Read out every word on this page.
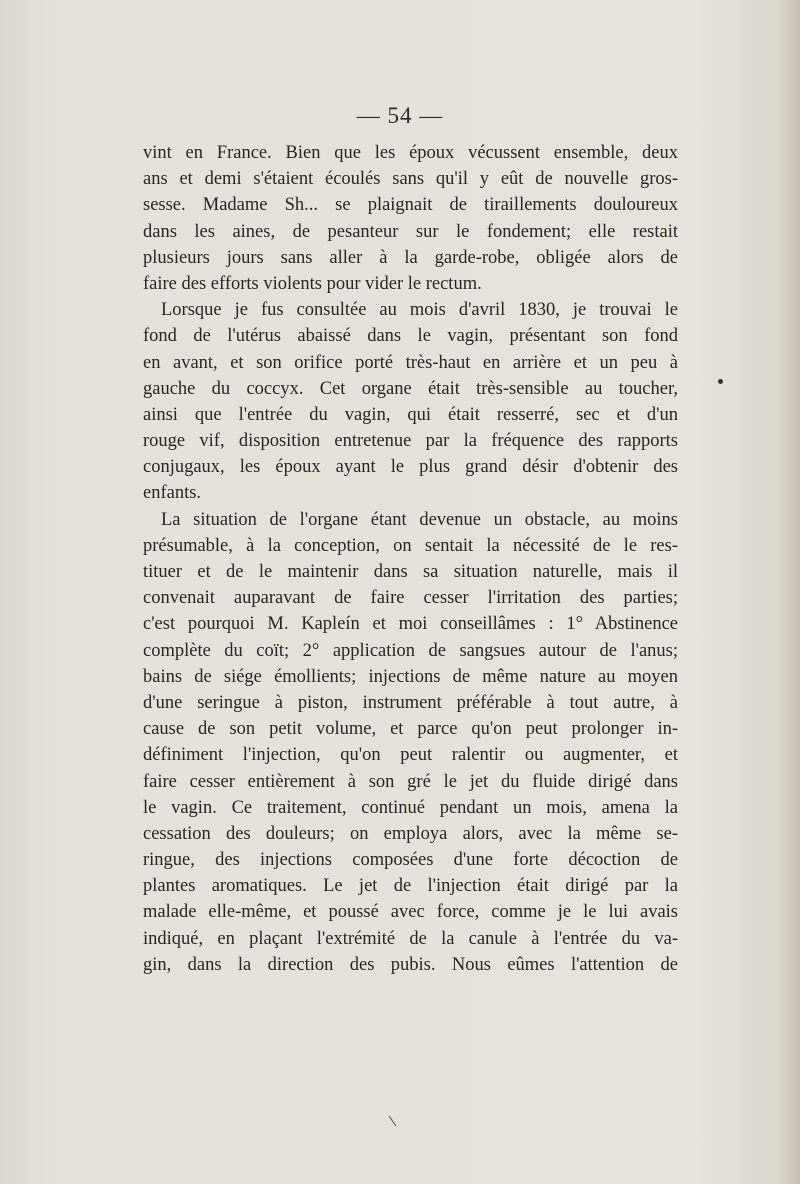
— 54 —
vint en France. Bien que les époux vécussent ensemble, deux
ans et demi s'étaient écoulés sans qu'il y eût de nouvelle gros-
sesse. Madame Sh... se plaignait de tiraillements douloureux
dans les aines, de pesanteur sur le fondement; elle restait
plusieurs jours sans aller à la garde-robe, obligée alors de
faire des efforts violents pour vider le rectum.
Lorsque je fus consultée au mois d'avril 1830, je trouvai le
fond de l'utérus abaissé dans le vagin, présentant son fond
en avant, et son orifice porté très-haut en arrière et un peu à
gauche du coccyx. Cet organe était très-sensible au toucher,
ainsi que l'entrée du vagin, qui était resserré, sec et d'un
rouge vif, disposition entretenue par la fréquence des rapports
conjugaux, les époux ayant le plus grand désir d'obtenir des
enfants.
La situation de l'organe étant devenue un obstacle, au moins
présumable, à la conception, on sentait la nécessité de le res-
tituer et de le maintenir dans sa situation naturelle, mais il
convenait auparavant de faire cesser l'irritation des parties;
c'est pourquoi M. Kapleín et moi conseillâmes : 1° Abstinence
complète du coït; 2° application de sangsues autour de l'anus;
bains de siége émollients; injections de même nature au moyen
d'une seringue à piston, instrument préférable à tout autre, à
cause de son petit volume, et parce qu'on peut prolonger in-
définiment l'injection, qu'on peut ralentir ou augmenter, et
faire cesser entièrement à son gré le jet du fluide dirigé dans
le vagin. Ce traitement, continué pendant un mois, amena la
cessation des douleurs; on employa alors, avec la même se-
ringue, des injections composées d'une forte décoction de
plantes aromatiques. Le jet de l'injection était dirigé par la
malade elle-même, et poussé avec force, comme je le lui avais
indiqué, en plaçant l'extrémité de la canule à l'entrée du va-
gin, dans la direction des pubis. Nous eûmes l'attention de
